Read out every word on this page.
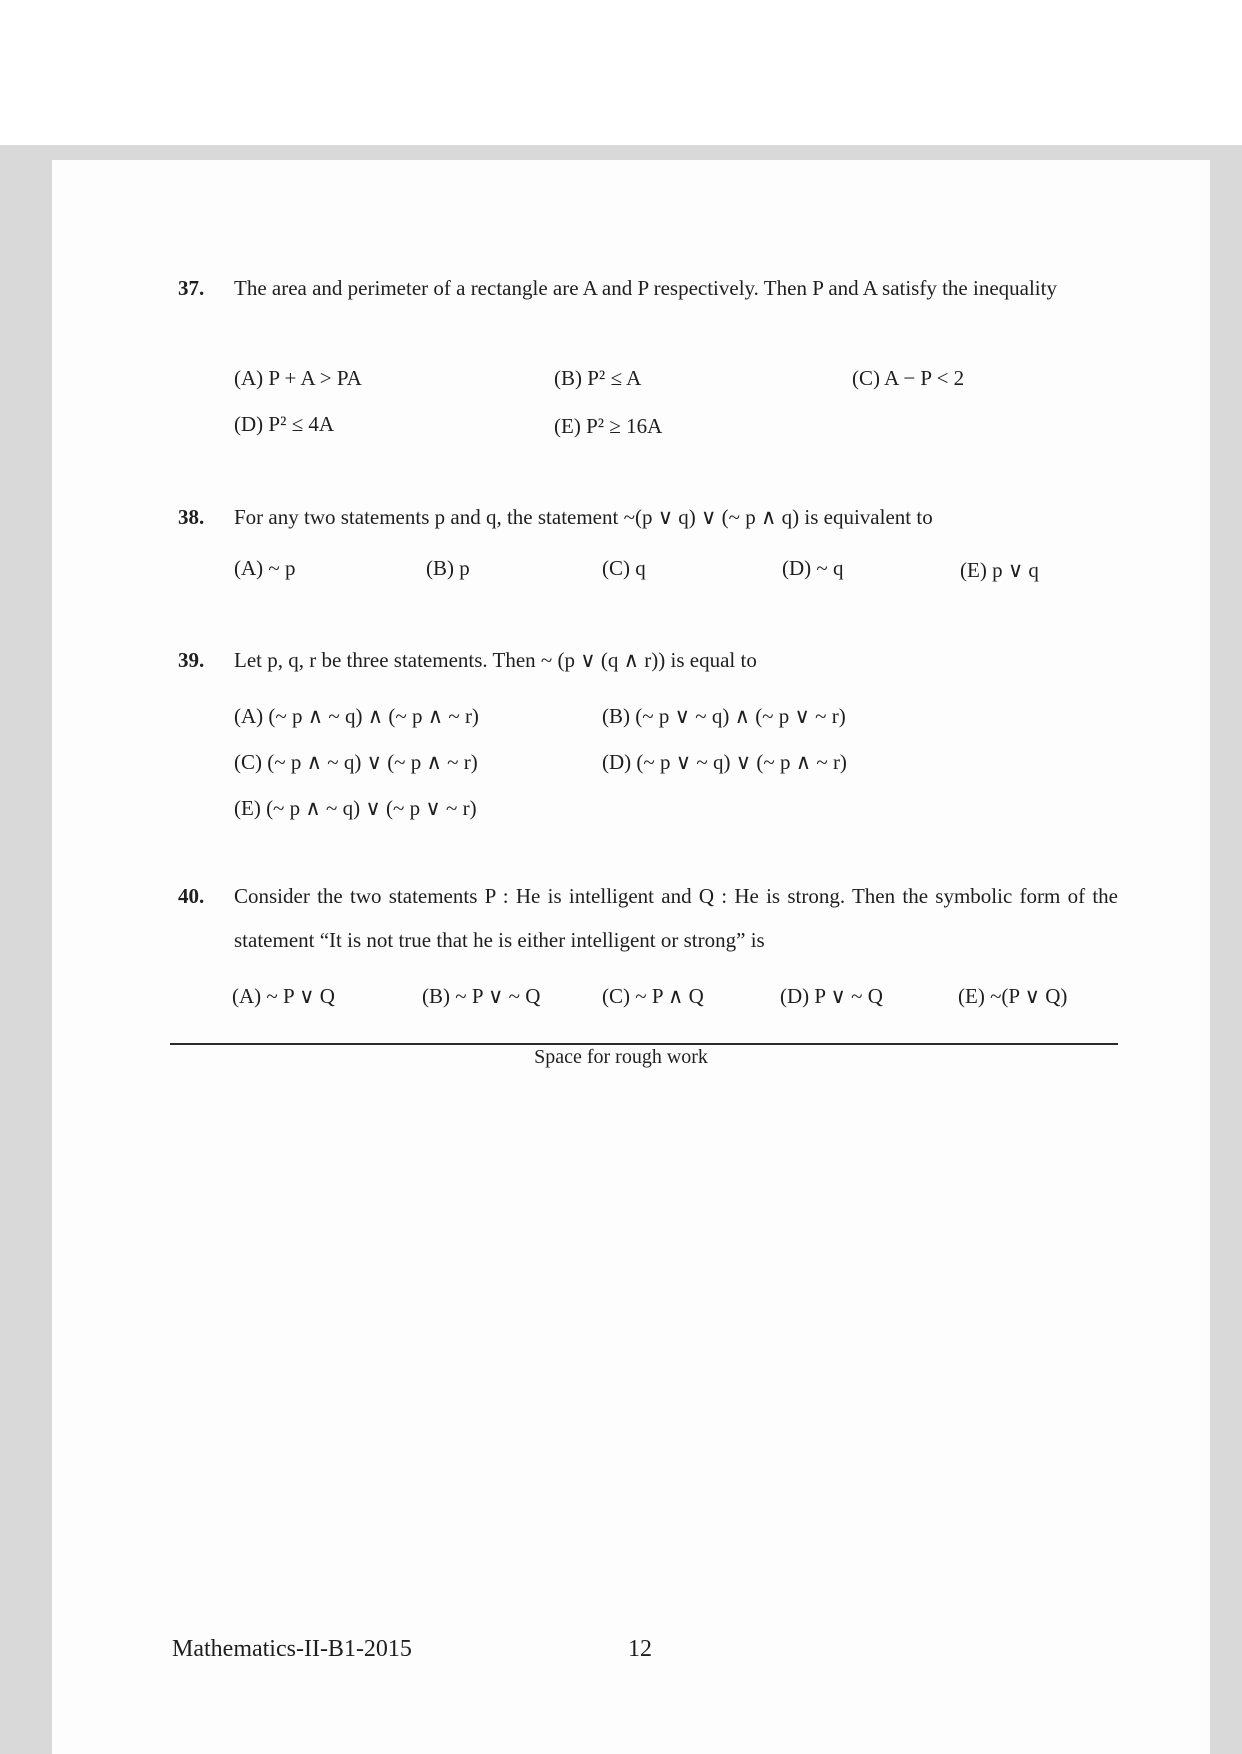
37. The area and perimeter of a rectangle are A and P respectively. Then P and A satisfy the inequality
(A) P + A > PA	(B) P² ≤ A	(C) A − P < 2
(D) P² ≤ 4A	(E) P² ≥ 16A
38. For any two statements p and q, the statement ~(p ∨ q) ∨ (~ p ∧ q) is equivalent to
(A) ~ p	(B) p	(C) q	(D) ~ q	(E) p ∨ q
39. Let p, q, r be three statements. Then ~ (p ∨ (q ∧ r)) is equal to
(A) (~ p ∧ ~ q) ∧ (~ p ∧ ~ r)	(B) (~ p ∨ ~ q) ∧ (~ p ∨ ~ r)
(C) (~ p ∧ ~ q) ∨ (~ p ∧ ~ r)	(D) (~ p ∨ ~ q) ∨ (~ p ∧ ~ r)
(E) (~ p ∧ ~ q) ∨ (~ p ∨ ~ r)
40. Consider the two statements P : He is intelligent and Q : He is strong. Then the symbolic form of the statement “It is not true that he is either intelligent or strong” is
(A) ~ P ∨ Q	(B) ~ P ∨ ~ Q	(C) ~ P ∧ Q	(D) P ∨ ~ Q	(E) ~(P ∨ Q)
Space for rough work
Mathematics-II-B1-2015	12
